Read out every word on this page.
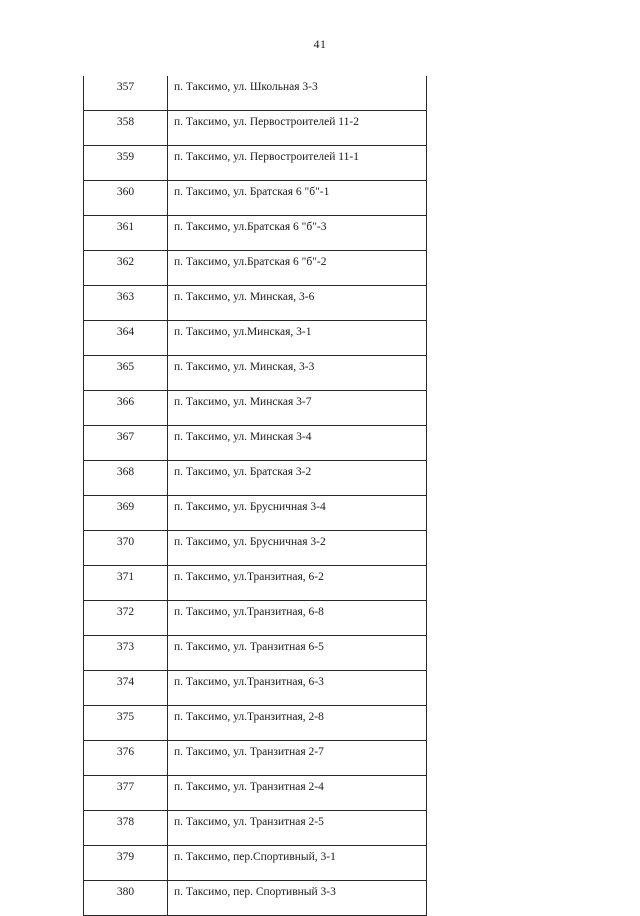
41
357	п. Таксимо, ул. Школьная 3-3
358	п. Таксимо, ул. Первостроителей 11-2
359	п. Таксимо, ул. Первостроителей 11-1
360	п. Таксимо, ул. Братская 6 "б"-1
361	п. Таксимо, ул.Братская 6 "б"-3
362	п. Таксимо, ул.Братская 6 "б"-2
363	п. Таксимо, ул. Минская, 3-6
364	п. Таксимо, ул.Минская, 3-1
365	п. Таксимо, ул. Минская, 3-3
366	п. Таксимо, ул. Минская 3-7
367	п. Таксимо, ул. Минская 3-4
368	п. Таксимо, ул. Братская 3-2
369	п. Таксимо, ул. Брусничная 3-4
370	п. Таксимо, ул. Брусничная 3-2
371	п. Таксимо, ул.Транзитная, 6-2
372	п. Таксимо, ул.Транзитная, 6-8
373	п. Таксимо, ул. Транзитная 6-5
374	п. Таксимо, ул.Транзитная, 6-3
375	п. Таксимо, ул.Транзитная, 2-8
376	п. Таксимо, ул. Транзитная 2-7
377	п. Таксимо, ул. Транзитная 2-4
378	п. Таксимо, ул. Транзитная 2-5
379	п. Таксимо, пер.Спортивный, 3-1
380	п. Таксимо, пер. Спортивный 3-3
